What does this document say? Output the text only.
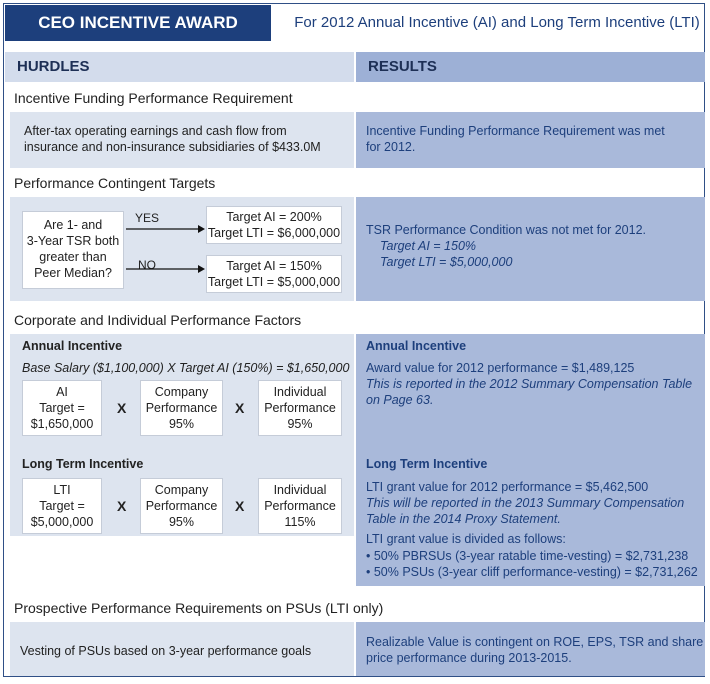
CEO INCENTIVE AWARD	For 2012 Annual Incentive (AI) and Long Term Incentive (LTI)
HURDLES	RESULTS
Incentive Funding Performance Requirement
After-tax operating earnings and cash flow from
insurance and non-insurance subsidiaries of $433.0M
Incentive Funding Performance Requirement was met
for 2012.
Performance Contingent Targets
Are 1- and
3-Year TSR both
greater than
Peer Median?
YES
NO
Target AI = 200%
Target LTI = $6,000,000
Target AI = 150%
Target LTI = $5,000,000
TSR Performance Condition was not met for 2012.
Target AI = 150%
Target LTI = $5,000,000
Corporate and Individual Performance Factors
Annual Incentive
Base Salary ($1,100,000) X Target AI (150%) = $1,650,000
AI
Target =
$1,650,000
X
Company
Performance
95%
X
Individual
Performance
95%
Long Term Incentive
LTI
Target =
$5,000,000
X
Company
Performance
95%
X
Individual
Performance
115%
Annual Incentive
Award value for 2012 performance = $1,489,125
This is reported in the 2012 Summary Compensation Table
on Page 63.
Long Term Incentive
LTI grant value for 2012 performance = $5,462,500
This will be reported in the 2013 Summary Compensation
Table in the 2014 Proxy Statement.
LTI grant value is divided as follows:
• 50% PBRSUs (3-year ratable time-vesting) = $2,731,238
• 50% PSUs (3-year cliff performance-vesting) = $2,731,262
Prospective Performance Requirements on PSUs (LTI only)
Vesting of PSUs based on 3-year performance goals
Realizable Value is contingent on ROE, EPS, TSR and share
price performance during 2013-2015.
